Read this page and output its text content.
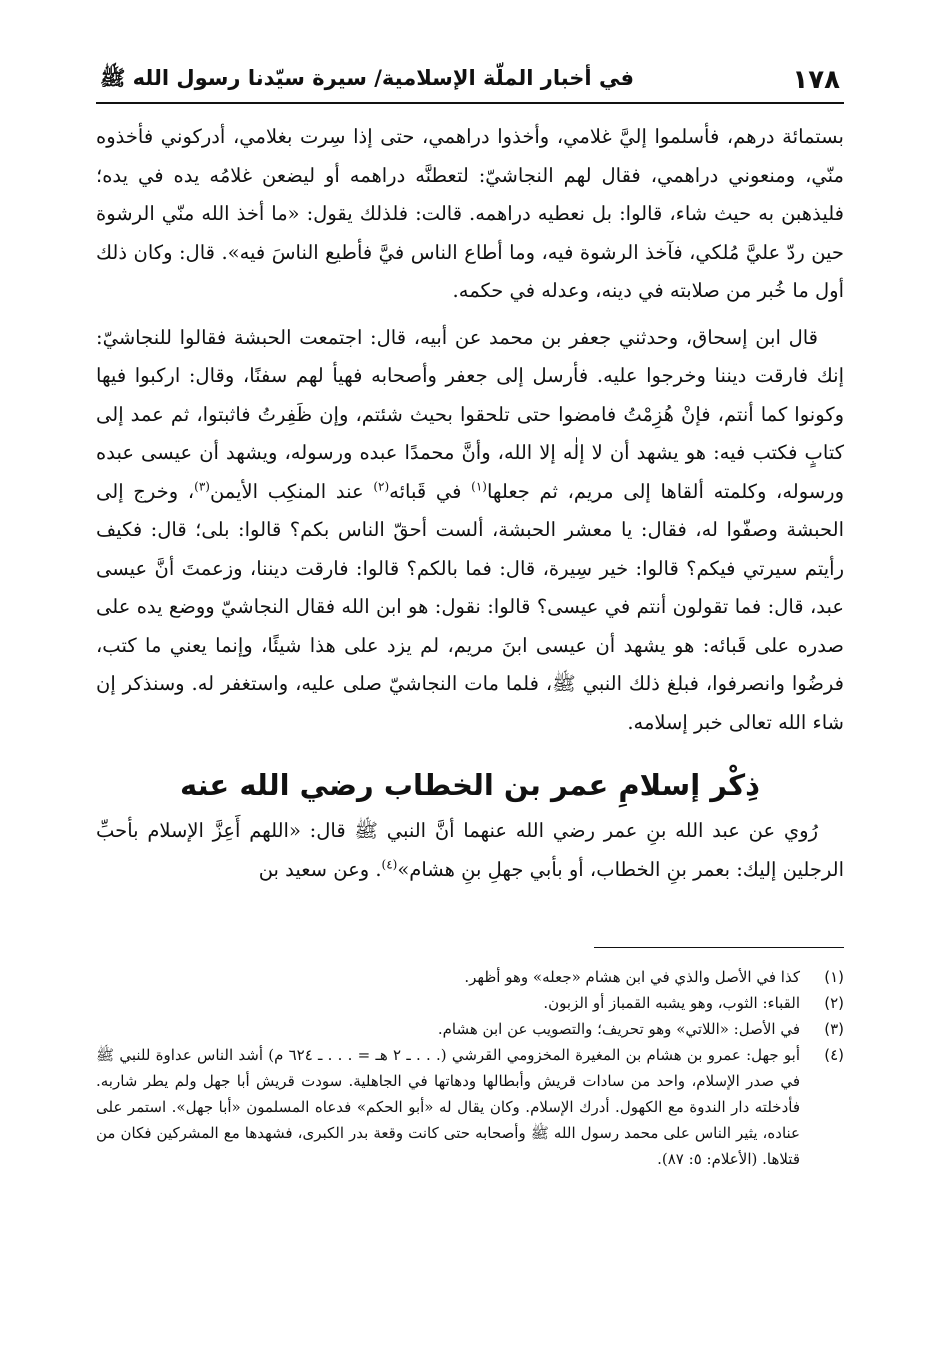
١٧٨
في أخبار الملّة الإسلامية/ سيرة سيّدنا رسول الله ﷺ

بستمائة درهم، فأسلموا إليَّ غلامي، وأخذوا دراهمي، حتى إذا سِرت بغلامي، أدركوني فأخذوه منّي، ومنعوني دراهمي، فقال لهم النجاشيّ: لتعطنَّه دراهمه أو ليضعن غلامُه يده في يده؛ فليذهبن به حيث شاء، قالوا: بل نعطيه دراهمه. قالت: فلذلك يقول: «ما أخذ الله منّي الرشوة حين ردّ عليَّ مُلكي، فآخذ الرشوة فيه، وما أطاع الناس فيَّ فأطيع الناسَ فيه». قال: وكان ذلك أول ما خُبر من صلابته في دينه، وعدله في حكمه.

قال ابن إسحاق، وحدثني جعفر بن محمد عن أبيه، قال: اجتمعت الحبشة فقالوا للنجاشيّ: إنك فارقت ديننا وخرجوا عليه. فأرسل إلى جعفر وأصحابه فهيأ لهم سفنًا، وقال: اركبوا فيها وكونوا كما أنتم، فإنْ هُزِمْتُ فامضوا حتى تلحقوا بحيث شئتم، وإن ظَفِرتُ فاثبتوا، ثم عمد إلى كتابٍ فكتب فيه: هو يشهد أن لا إلٰه إلا الله، وأنَّ محمدًا عبده ورسوله، ويشهد أن عيسى عبده ورسوله، وكلمته ألقاها إلى مريم، ثم جعلها$^{(١)}$ في قَبائه$^{(٢)}$ عند المنكِب الأيمن$^{(٣)}$، وخرج إلى الحبشة وصفّوا له، فقال: يا معشر الحبشة، ألست أحقّ الناس بكم؟ قالوا: بلى؛ قال: فكيف رأيتم سيرتي فيكم؟ قالوا: خير سِيرة، قال: فما بالكم؟ قالوا: فارقت ديننا، وزعمتَ أنَّ عيسى عبد، قال: فما تقولون أنتم في عيسى؟ قالوا: نقول: هو ابن الله فقال النجاشيّ ووضع يده على صدره على قَبائه: هو يشهد أن عيسى ابنَ مريم، لم يزد على هذا شيئًا، وإنما يعني ما كتب، فرضُوا وانصرفوا، فبلغ ذلك النبي ﷺ، فلما مات النجاشيّ صلى عليه، واستغفر له. وسنذكر إن شاء الله تعالى خبر إسلامه.

ذِكْر إسلامِ عمر بن الخطاب رضي الله عنه

رُوي عن عبد الله بنِ عمر رضي الله عنهما أنَّ النبي ﷺ قال: «اللهم أَعِزَّ الإسلام بأحبِّ الرجلين إليك: بعمر بنِ الخطاب، أو بأبي جهلِ بنِ هشام»$^{(٤)}$. وعن سعيد بن

(١)
كذا في الأصل والذي في ابن هشام «جعله» وهو أظهر.
(٢)
القباء: الثوب، وهو يشبه القمباز أو الزبون.
(٣)
في الأصل: «اللاتي» وهو تحريف؛ والتصويب عن ابن هشام.
(٤)
أبو جهل: عمرو بن هشام بن المغيرة المخزومي القرشي (. . . ـ ٢ هـ = . . . ـ ٦٢٤ م) أشد الناس عداوة للنبي ﷺ في صدر الإسلام، واحد من سادات قريش وأبطالها ودهاتها في الجاهلية. سودت قريش أبا جهل ولم يطر شاربه. فأدخلته دار الندوة مع الكهول. أدرك الإسلام. وكان يقال له «أبو الحكم» فدعاه المسلمون «أبا جهل». استمر على عناده، يثير الناس على محمد رسول الله ﷺ وأصحابه حتى كانت وقعة بدر الكبرى، فشهدها مع المشركين فكان من قتلاها. (الأعلام: ٥: ٨٧).
